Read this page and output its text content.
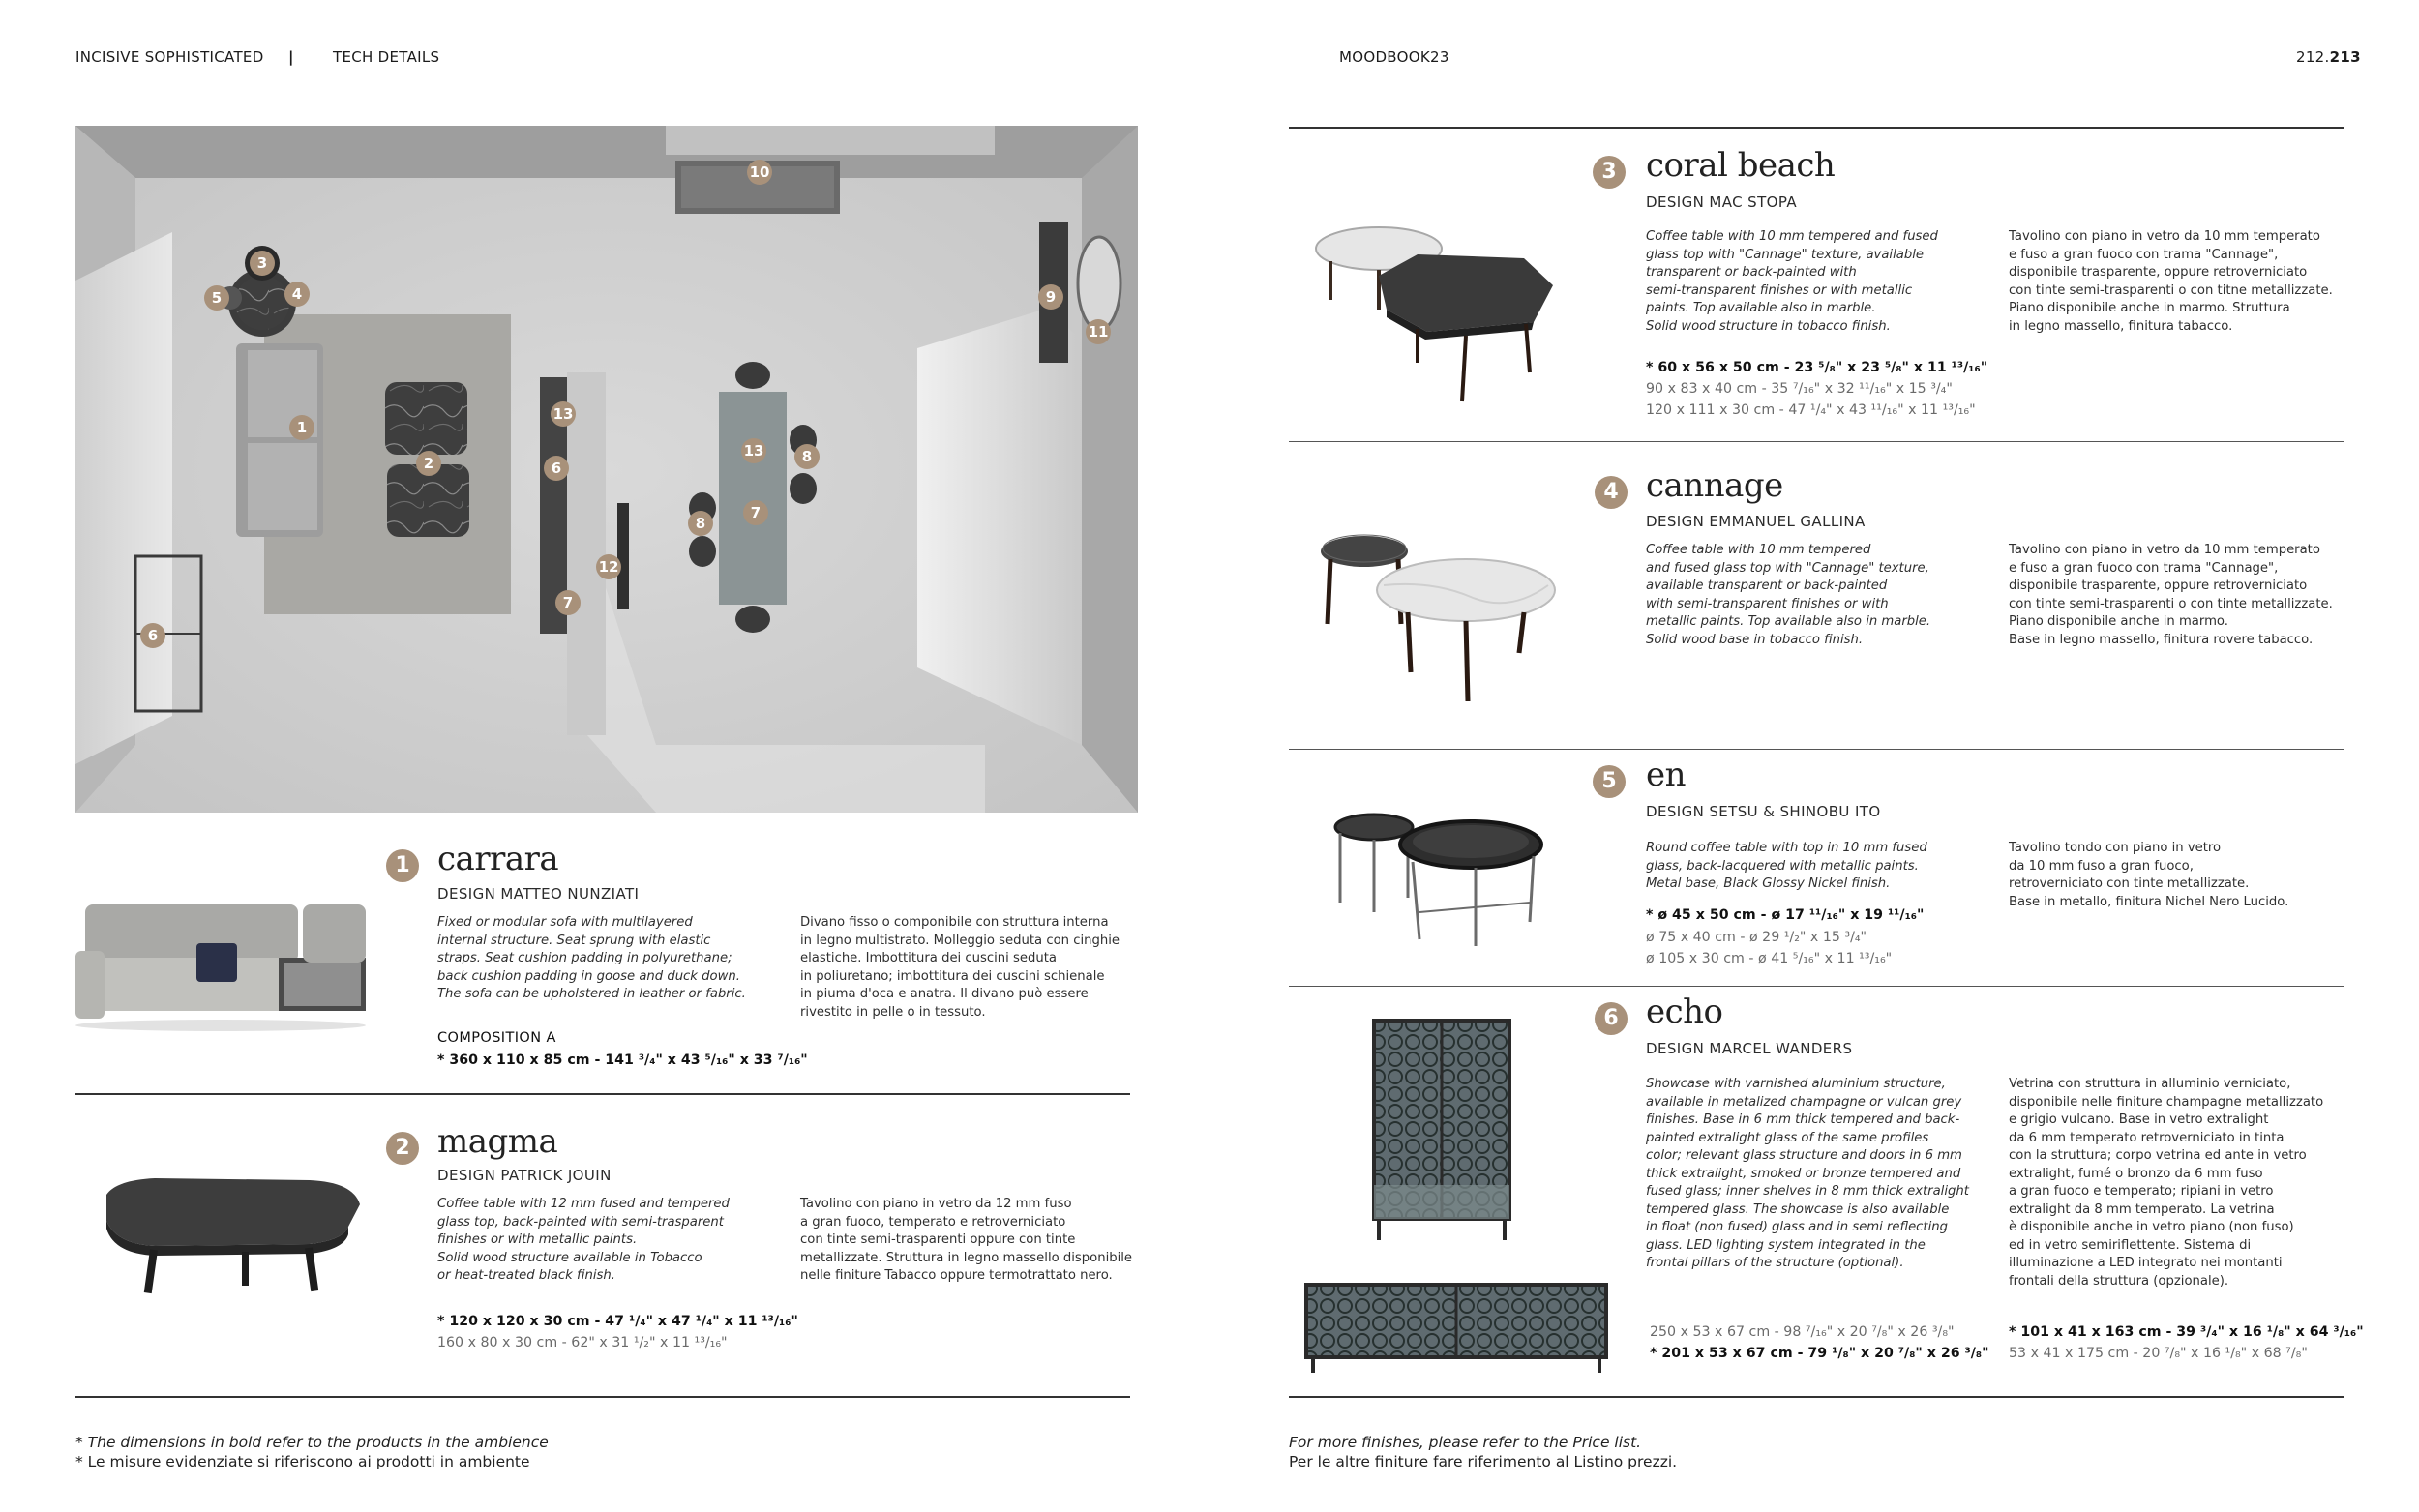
INCISIVE SOPHISTICATED |	TECH DETAILS	MOODBOOK23	212.213
10
3
4
5	9
11
1
2
13
6
13	8
7
8
12
7
6
1 carrara
DESIGN MATTEO NUNZIATI
Fixed or modular sofa with multilayered
internal structure. Seat sprung with elastic
straps. Seat cushion padding in polyurethane;
back cushion padding in goose and duck down.
The sofa can be upholstered in leather or fabric.
Divano fisso o componibile con struttura interna
in legno multistrato. Molleggio seduta con cinghie
elastiche. Imbottitura dei cuscini seduta
in poliuretano; imbottitura dei cuscini schienale
in piuma d'oca e anatra. Il divano può essere
rivestito in pelle o in tessuto.
COMPOSITION A
* 360 x 110 x 85 cm - 141 ³/₄" x 43 ⁵/₁₆" x 33 ⁷/₁₆"
2 magma
DESIGN PATRICK JOUIN
Coffee table with 12 mm fused and tempered
glass top, back-painted with semi-trasparent
finishes or with metallic paints.
Solid wood structure available in Tobacco
or heat-treated black finish.
Tavolino con piano in vetro da 12 mm fuso
a gran fuoco, temperato e retroverniciato
con tinte semi-trasparenti oppure con tinte
metallizzate. Struttura in legno massello disponibile
nelle finiture Tabacco oppure termotrattato nero.
* 120 x 120 x 30 cm - 47 ¹/₄" x 47 ¹/₄" x 11 ¹³/₁₆"
160 x 80 x 30 cm - 62" x 31 ¹/₂" x 11 ¹³/₁₆"
* The dimensions in bold refer to the products in the ambience
* Le misure evidenziate si riferiscono ai prodotti in ambiente
3 coral beach
DESIGN MAC STOPA
Coffee table with 10 mm tempered and fused
glass top with "Cannage" texture, available
transparent or back-painted with
semi-transparent finishes or with metallic
paints. Top available also in marble.
Solid wood structure in tobacco finish.
Tavolino con piano in vetro da 10 mm temperato
e fuso a gran fuoco con trama "Cannage",
disponibile trasparente, oppure retroverniciato
con tinte semi-trasparenti o con titne metallizzate.
Piano disponibile anche in marmo. Struttura
in legno massello, finitura tabacco.
* 60 x 56 x 50 cm - 23 ⁵/₈" x 23 ⁵/₈" x 11 ¹³/₁₆"
90 x 83 x 40 cm - 35 ⁷/₁₆" x 32 ¹¹/₁₆" x 15 ³/₄"
120 x 111 x 30 cm - 47 ¹/₄" x 43 ¹¹/₁₆" x 11 ¹³/₁₆"
4 cannage
DESIGN EMMANUEL GALLINA
Coffee table with 10 mm tempered
and fused glass top with "Cannage" texture,
available transparent or back-painted
with semi-transparent finishes or with
metallic paints. Top available also in marble.
Solid wood base in tobacco finish.
Tavolino con piano in vetro da 10 mm temperato
e fuso a gran fuoco con trama "Cannage",
disponibile trasparente, oppure retroverniciato
con tinte semi-trasparenti o con tinte metallizzate.
Piano disponibile anche in marmo.
Base in legno massello, finitura rovere tabacco.
5 en
DESIGN SETSU & SHINOBU ITO
Round coffee table with top in 10 mm fused
glass, back-lacquered with metallic paints.
Metal base, Black Glossy Nickel finish.
Tavolino tondo con piano in vetro
da 10 mm fuso a gran fuoco,
retroverniciato con tinte metallizzate.
Base in metallo, finitura Nichel Nero Lucido.
* ø 45 x 50 cm - ø 17 ¹¹/₁₆" x 19 ¹¹/₁₆"
ø 75 x 40 cm - ø 29 ¹/₂" x 15 ³/₄"
ø 105 x 30 cm - ø 41 ⁵/₁₆" x 11 ¹³/₁₆"
6 echo
DESIGN MARCEL WANDERS
Showcase with varnished aluminium structure,
available in metalized champagne or vulcan grey
finishes. Base in 6 mm thick tempered and back-
painted extralight glass of the same profiles
color; relevant glass structure and doors in 6 mm
thick extralight, smoked or bronze tempered and
fused glass; inner shelves in 8 mm thick extralight
tempered glass. The showcase is also available
in float (non fused) glass and in semi reflecting
glass. LED lighting system integrated in the
frontal pillars of the structure (optional).
Vetrina con struttura in alluminio verniciato,
disponibile nelle finiture champagne metallizzato
e grigio vulcano. Base in vetro extralight
da 6 mm temperato retroverniciato in tinta
con la struttura; corpo vetrina ed ante in vetro
extralight, fumé o bronzo da 6 mm fuso
a gran fuoco e temperato; ripiani in vetro
extralight da 8 mm temperato. La vetrina
è disponibile anche in vetro piano (non fuso)
ed in vetro semiriflettente. Sistema di
illuminazione a LED integrato nei montanti
frontali della struttura (opzionale).
250 x 53 x 67 cm - 98 ⁷/₁₆" x 20 ⁷/₈" x 26 ³/₈"
* 201 x 53 x 67 cm - 79 ¹/₈" x 20 ⁷/₈" x 26 ³/₈"
* 101 x 41 x 163 cm - 39 ³/₄" x 16 ¹/₈" x 64 ³/₁₆"
53 x 41 x 175 cm - 20 ⁷/₈" x 16 ¹/₈" x 68 ⁷/₈"
For more finishes, please refer to the Price list.
Per le altre finiture fare riferimento al Listino prezzi.
